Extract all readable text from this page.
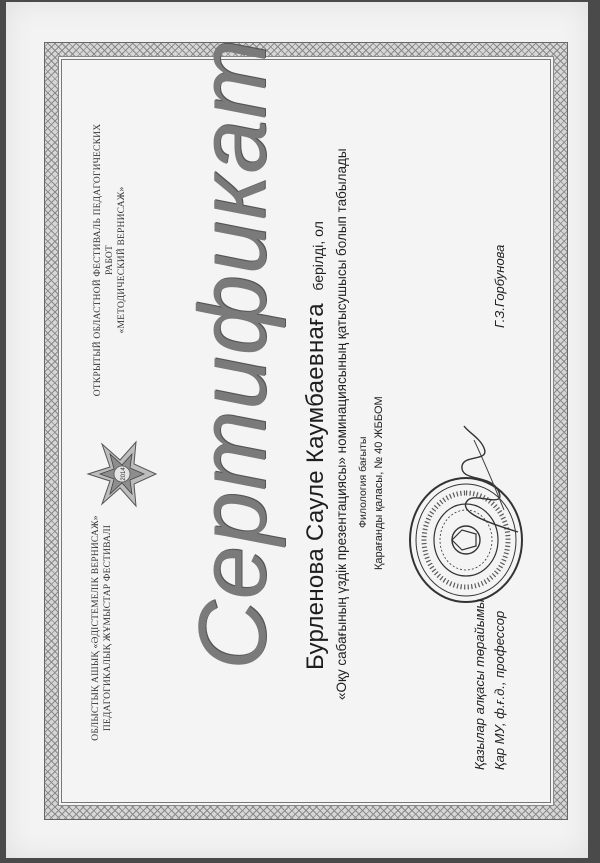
ОТКРЫТЫЙ ОБЛАСТНОЙ ФЕСТИВАЛЬ ПЕДАГОГИЧЕСКИХ РАБОТ «МЕТОДИЧЕСКИЙ ВЕРНИСАЖ»
ОБЛЫСТЫҚ АШЫҚ «ӘДІСТЕМЕЛІК ВЕРНИСАЖ» ПЕДАГОГИКАЛЫҚ ЖҰМЫСТАР ФЕСТИВАЛІ
2014 Сертификат Бурленова Сауле Каумбаевнаға берілді, ол «Оқу сабағының үздік презентациясы» номинациясының қатысушысы болып табылады Филология бағыты Қарағанды қаласы, № 40 ЖББОМ
Қазылар алқасы төрайымы Қар МУ, ф.ғ.д., профессор
Г.З.Горбунова
